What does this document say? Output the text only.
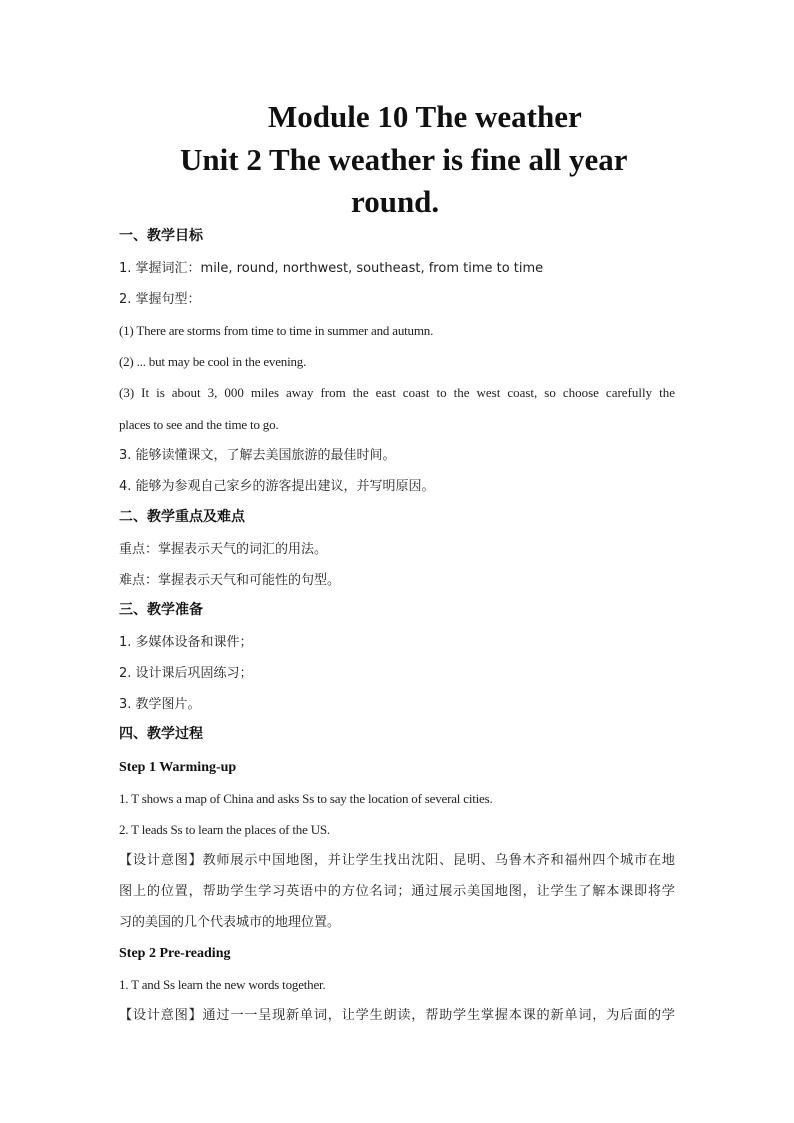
Module 10 The weather
Unit 2 The weather is fine all year
round.
一、教学目标
1. 掌握词汇：mile, round, northwest, southeast, from time to time
2. 掌握句型：
(1) There are storms from time to time in summer and autumn.
(2) ... but may be cool in the evening.
(3) It is about 3, 000 miles away from the east coast to the west coast, so choose carefully the
places to see and the time to go.
3. 能够读懂课文，了解去美国旅游的最佳时间。
4. 能够为参观自己家乡的游客提出建议，并写明原因。
二、教学重点及难点
重点：掌握表示天气的词汇的用法。
难点：掌握表示天气和可能性的句型。
三、教学准备
1. 多媒体设备和课件；
2. 设计课后巩固练习；
3. 教学图片。
四、教学过程
Step 1 Warming-up
1. T shows a map of China and asks Ss to say the location of several cities.
2. T leads Ss to learn the places of the US.
【设计意图】教师展示中国地图，并让学生找出沈阳、昆明、乌鲁木齐和福州四个城市在地
图上的位置，帮助学生学习英语中的方位名词；通过展示美国地图，让学生了解本课即将学
习的美国的几个代表城市的地理位置。
Step 2 Pre-reading
1. T and Ss learn the new words together.
【设计意图】通过一一呈现新单词，让学生朗读，帮助学生掌握本课的新单词，为后面的学
